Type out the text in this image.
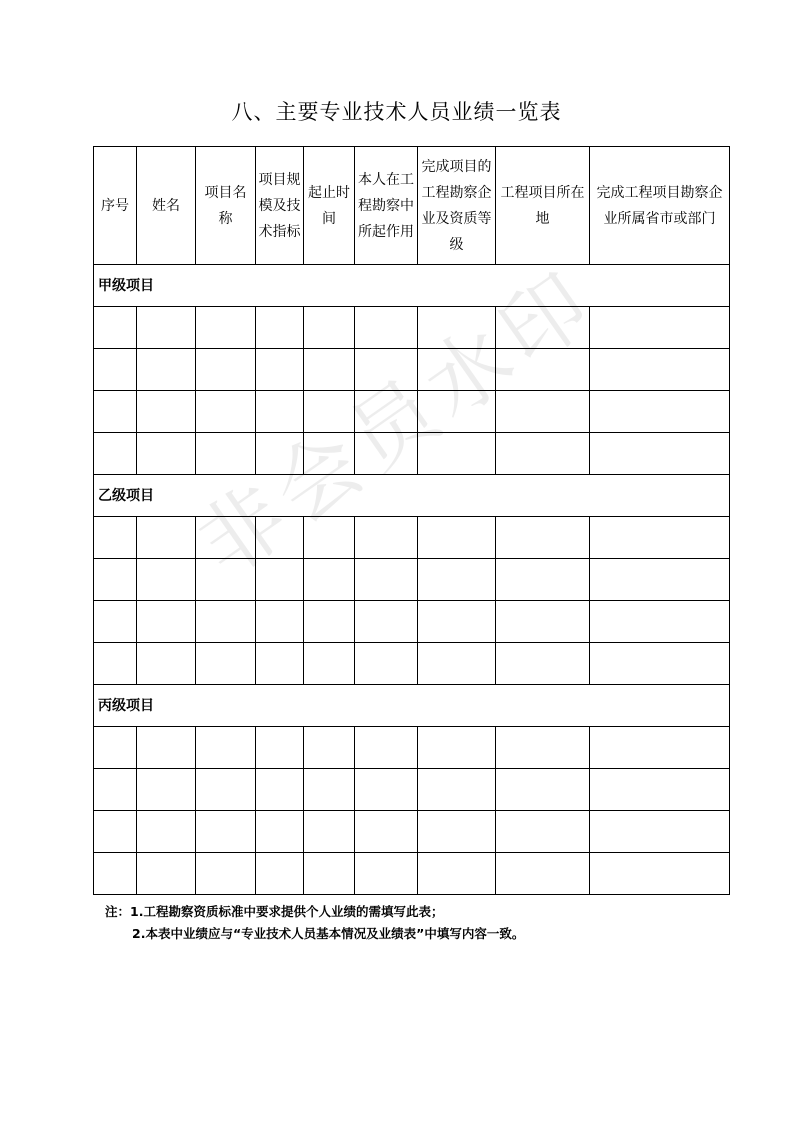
八、主要专业技术人员业绩一览表
非会员水印
序号	姓名	项目名称	项目规模及技术指标	起止时间	本人在工程勘察中所起作用	完成项目的工程勘察企业及资质等级	工程项目所在地	完成工程项目勘察企业所属省市或部门

甲级项目								

乙级项目								

丙级项目								

注：1.工程勘察资质标准中要求提供个人业绩的需填写此表；
2.本表中业绩应与“专业技术人员基本情况及业绩表”中填写内容一致。
